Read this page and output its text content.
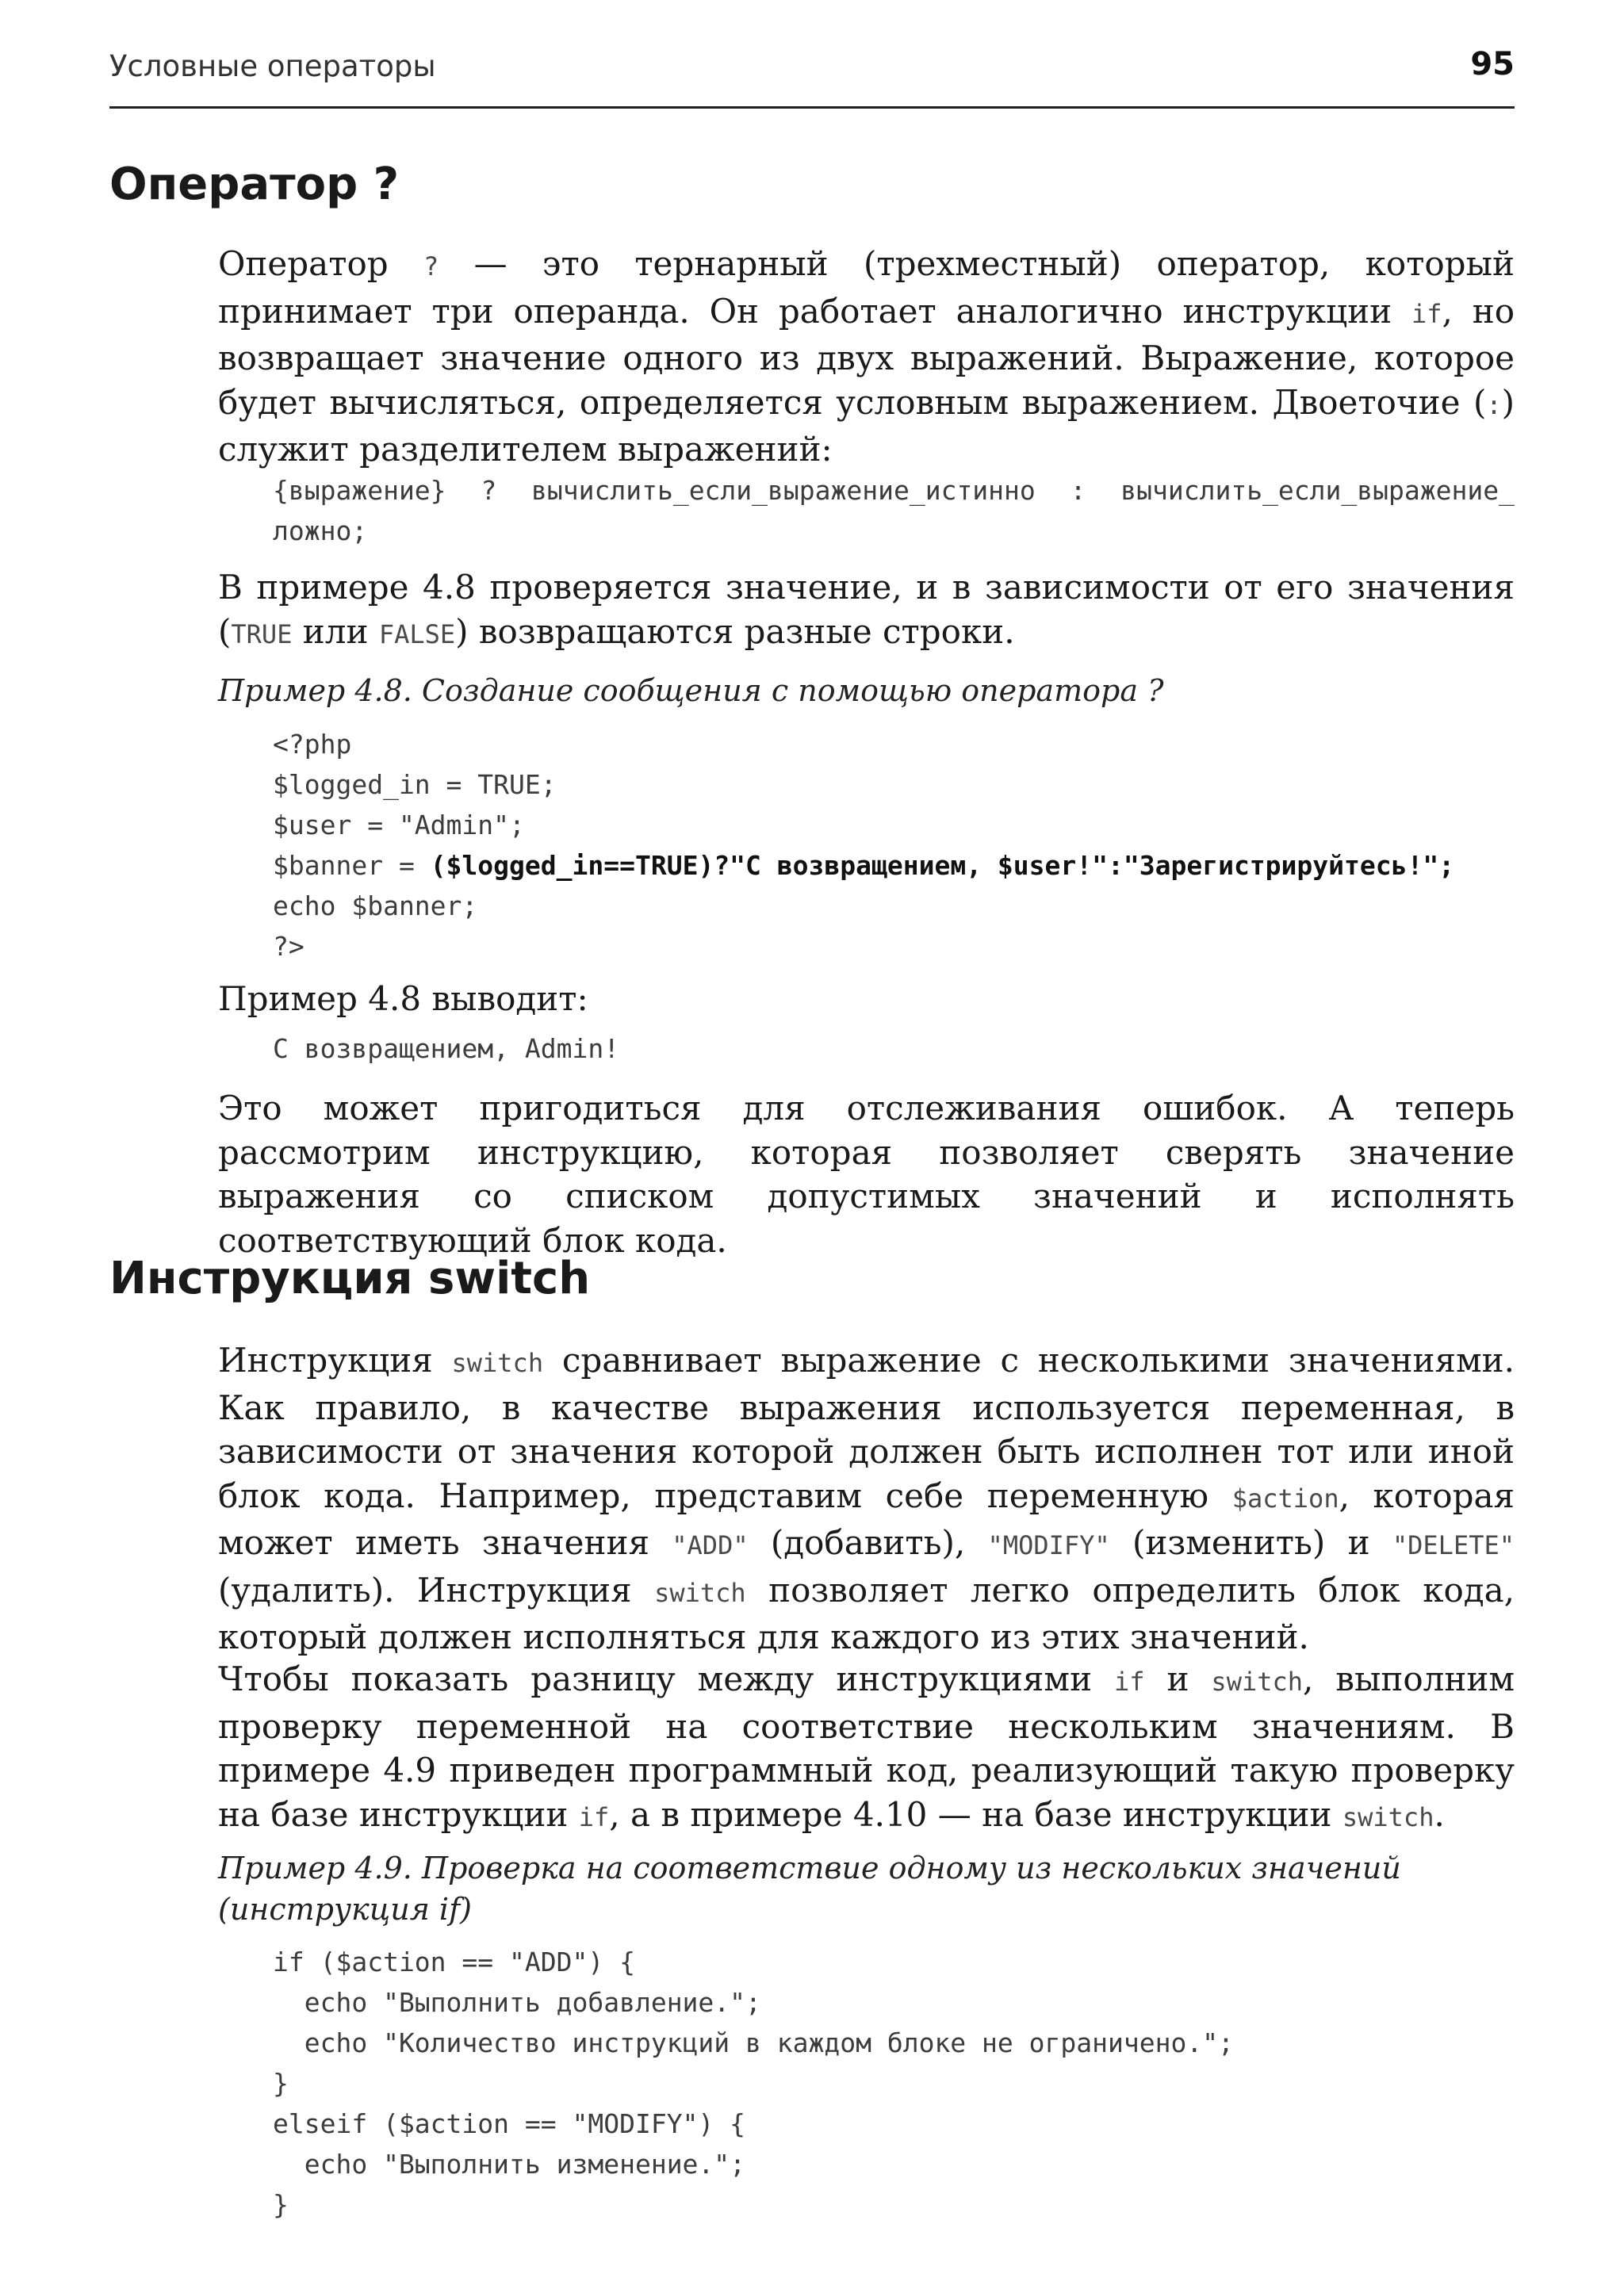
Условные операторы	95
Оператор ?

Оператор ? — это тернарный (трехместный) оператор, который принимает три операнда. Он работает аналогично инструкции if, но возвращает значение одного из двух выражений. Выражение, которое будет вычисляться, определяется условным выражением. Двоеточие (:) служит разделителем выражений:

{выражение} ? вычислить_если_выражение_истинно : вычислить_если_выражение_
ложно;

В примере 4.8 проверяется значение, и в зависимости от его значения (TRUE или FALSE) возвращаются разные строки.

Пример 4.8. Создание сообщения с помощью оператора ?

<?php
$logged_in = TRUE;
$user = "Admin";
$banner = ($logged_in==TRUE)?"С возвращением, $user!":"Зарегистрируйтесь!";
echo $banner;
?>

Пример 4.8 выводит:

С возвращением, Admin!

Это может пригодиться для отслеживания ошибок. А теперь рассмотрим инструкцию, которая позволяет сверять значение выражения со списком допустимых значений и исполнять соответствующий блок кода.

Инструкция switch

Инструкция switch сравнивает выражение с несколькими значениями. Как правило, в качестве выражения используется переменная, в зависимости от значения которой должен быть исполнен тот или иной блок кода. Например, представим себе переменную $action, которая может иметь значения "ADD" (добавить), "MODIFY" (изменить) и "DELETE" (удалить). Инструкция switch позволяет легко определить блок кода, который должен исполняться для каждого из этих значений.

Чтобы показать разницу между инструкциями if и switch, выполним проверку переменной на соответствие нескольким значениям. В примере 4.9 приведен программный код, реализующий такую проверку на базе инструкции if, а в примере 4.10 — на базе инструкции switch.

Пример 4.9. Проверка на соответствие одному из нескольких значений

(инструкция if)

if ($action == "ADD") {
echo "Выполнить добавление.";
echo "Количество инструкций в каждом блоке не ограничено.";
}
elseif ($action == "MODIFY") {
echo "Выполнить изменение.";
}
